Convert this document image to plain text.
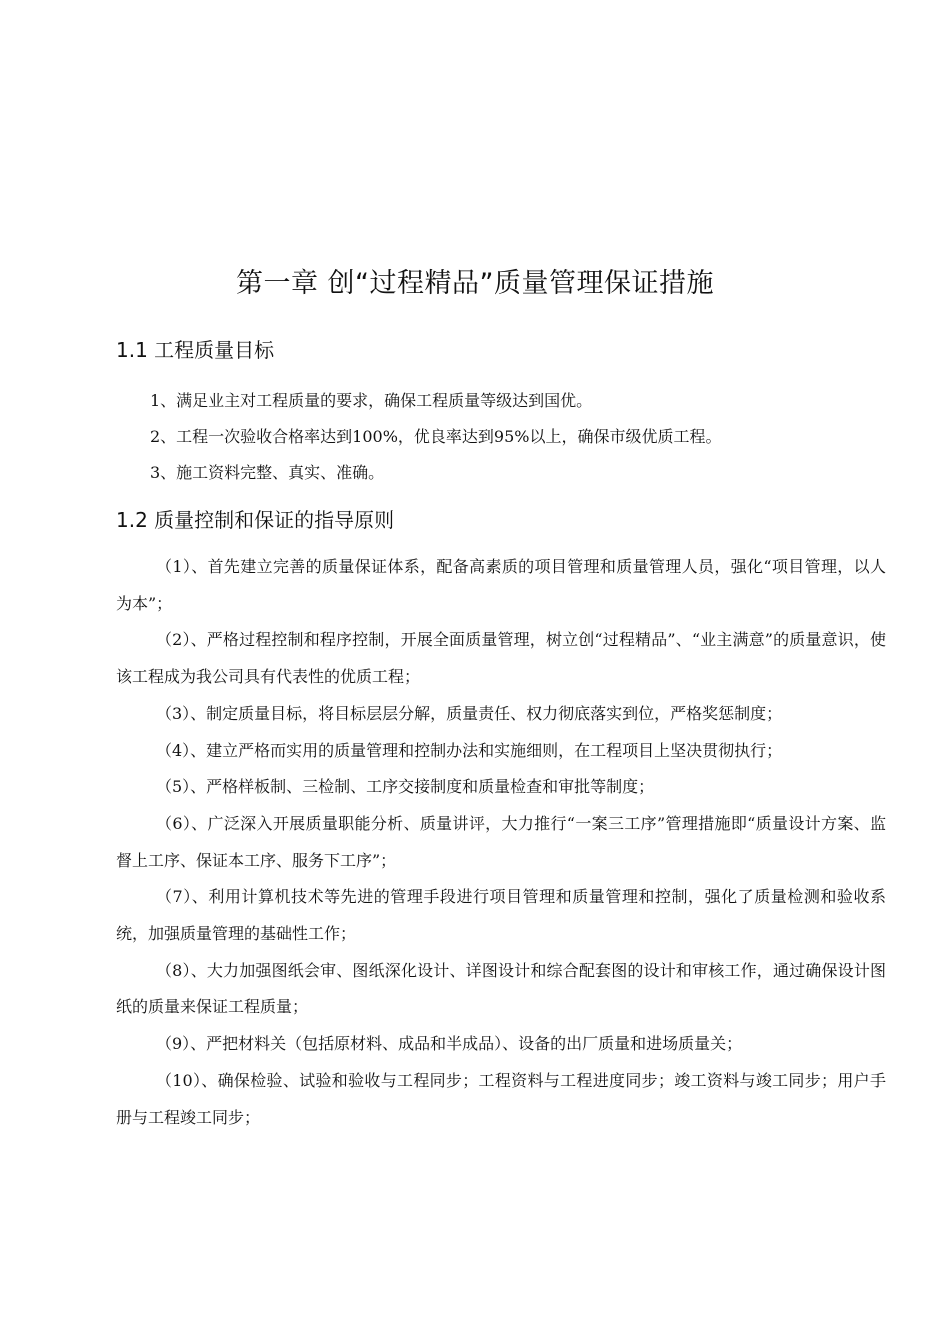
第一章 创“过程精品”质量管理保证措施
1.1 工程质量目标
1、满足业主对工程质量的要求，确保工程质量等级达到国优。
2、工程一次验收合格率达到100%，优良率达到95%以上，确保市级优质工程。
3、施工资料完整、真实、准确。
1.2 质量控制和保证的指导原则

（1）、首先建立完善的质量保证体系，配备高素质的项目管理和质量管理人员，强化“项目管理，以人为本”；

（2）、严格过程控制和程序控制，开展全面质量管理，树立创“过程精品”、“业主满意”的质量意识，使该工程成为我公司具有代表性的优质工程；

（3）、制定质量目标，将目标层层分解，质量责任、权力彻底落实到位，严格奖惩制度；

（4）、建立严格而实用的质量管理和控制办法和实施细则，在工程项目上坚决贯彻执行；

（5）、严格样板制、三检制、工序交接制度和质量检查和审批等制度；

（6）、广泛深入开展质量职能分析、质量讲评，大力推行“一案三工序”管理措施即“质量设计方案、监督上工序、保证本工序、服务下工序”；

（7）、利用计算机技术等先进的管理手段进行项目管理和质量管理和控制，强化了质量检测和验收系统，加强质量管理的基础性工作；

（8）、大力加强图纸会审、图纸深化设计、详图设计和综合配套图的设计和审核工作，通过确保设计图纸的质量来保证工程质量；

（9）、严把材料关（包括原材料、成品和半成品）、设备的出厂质量和进场质量关；

（10）、确保检验、试验和验收与工程同步；工程资料与工程进度同步；竣工资料与竣工同步；用户手册与工程竣工同步；
